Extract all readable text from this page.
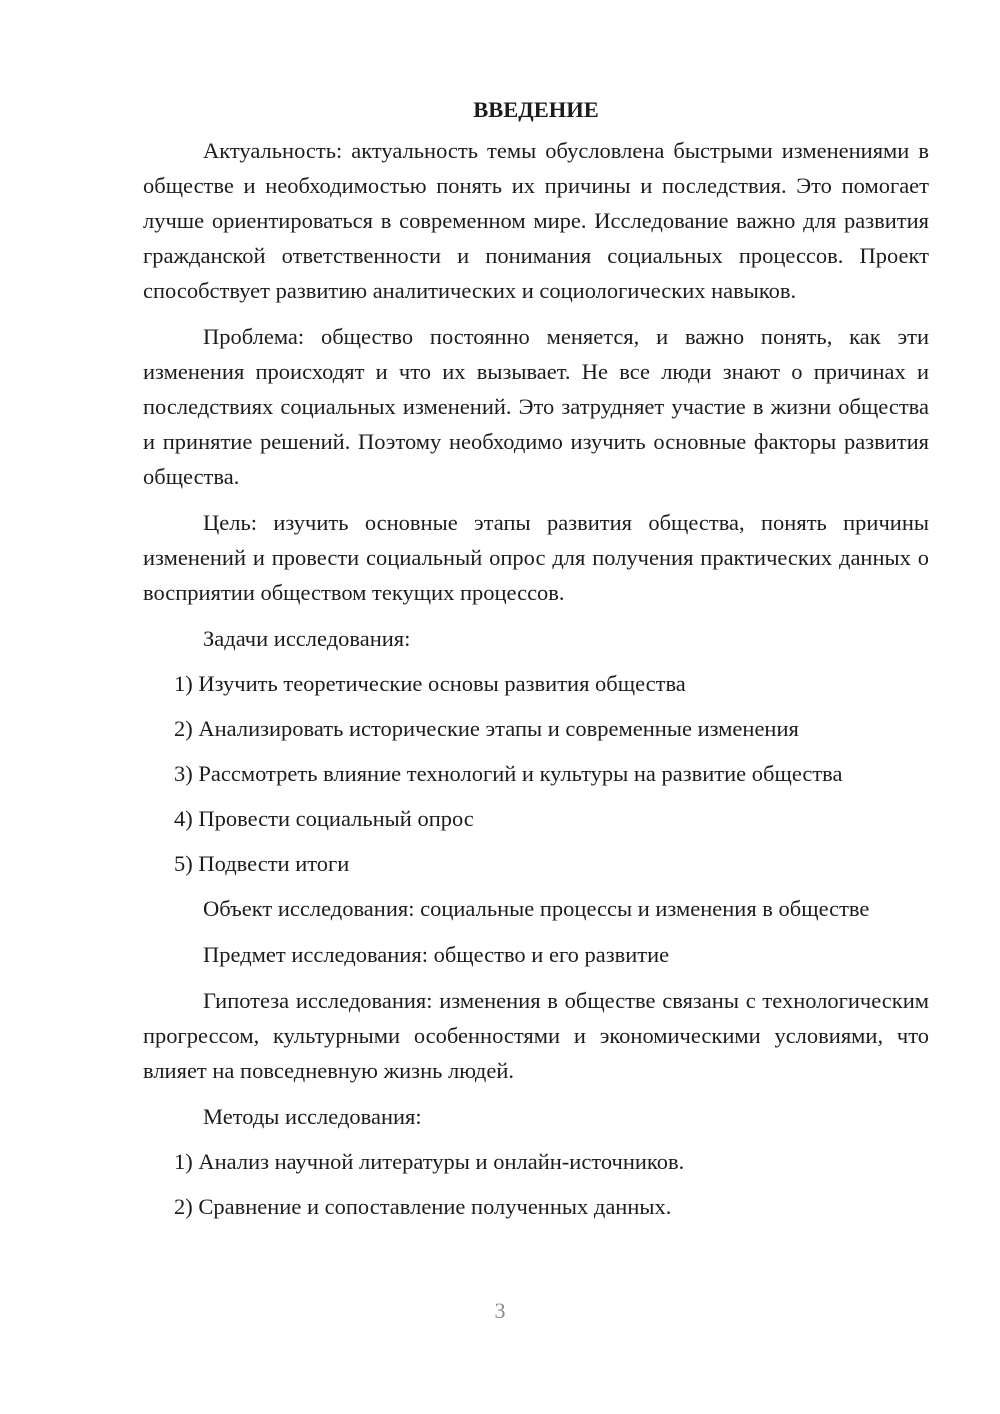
ВВЕДЕНИЕ
Актуальность: актуальность темы обусловлена быстрыми изменениями в обществе и необходимостью понять их причины и последствия. Это помогает лучше ориентироваться в современном мире. Исследование важно для развития гражданской ответственности и понимания социальных процессов. Проект способствует развитию аналитических и социологических навыков.
Проблема: общество постоянно меняется, и важно понять, как эти изменения происходят и что их вызывает. Не все люди знают о причинах и последствиях социальных изменений. Это затрудняет участие в жизни общества и принятие решений. Поэтому необходимо изучить основные факторы развития общества.
Цель: изучить основные этапы развития общества, понять причины изменений и провести социальный опрос для получения практических данных о восприятии обществом текущих процессов.
Задачи исследования:
1) Изучить теоретические основы развития общества
2) Анализировать исторические этапы и современные изменения
3) Рассмотреть влияние технологий и культуры на развитие общества
4) Провести социальный опрос
5) Подвести итоги
Объект исследования: социальные процессы и изменения в обществе
Предмет исследования: общество и его развитие
Гипотеза исследования: изменения в обществе связаны с технологическим прогрессом, культурными особенностями и экономическими условиями, что влияет на повседневную жизнь людей.
Методы исследования:
1) Анализ научной литературы и онлайн-источников.
2) Сравнение и сопоставление полученных данных.
3
